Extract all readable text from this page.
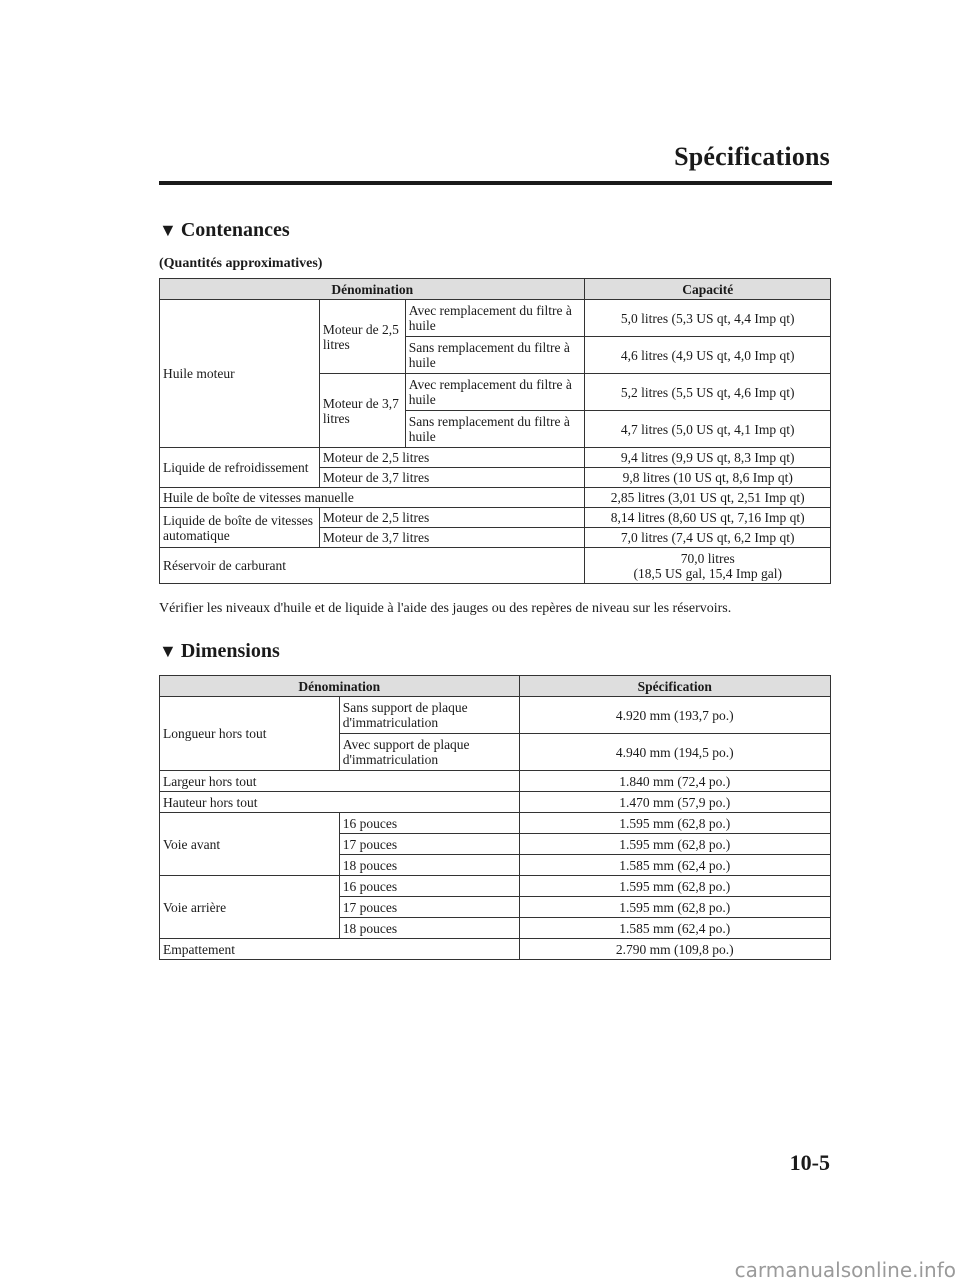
Spécifications
▼ Contenances
(Quantités approximatives)
Dénomination			Capacité
Huile moteur	Moteur de 2,5 litres	Avec remplacement du filtre à huile	5,0 litres (5,3 US qt, 4,4 Imp qt)
		Sans remplacement du filtre à huile	4,6 litres (4,9 US qt, 4,0 Imp qt)
	Moteur de 3,7 litres	Avec remplacement du filtre à huile	5,2 litres (5,5 US qt, 4,6 Imp qt)
		Sans remplacement du filtre à huile	4,7 litres (5,0 US qt, 4,1 Imp qt)
Liquide de refroidissement	Moteur de 2,5 litres		9,4 litres (9,9 US qt, 8,3 Imp qt)
	Moteur de 3,7 litres		9,8 litres (10 US qt, 8,6 Imp qt)
Huile de boîte de vitesses manuelle			2,85 litres (3,01 US qt, 2,51 Imp qt)
Liquide de boîte de vitesses automatique	Moteur de 2,5 litres		8,14 litres (8,60 US qt, 7,16 Imp qt)
	Moteur de 3,7 litres		7,0 litres (7,4 US qt, 6,2 Imp qt)
Réservoir de carburant			70,0 litres
(18,5 US gal, 15,4 Imp gal)
Vérifier les niveaux d'huile et de liquide à l'aide des jauges ou des repères de niveau sur les réservoirs.
▼ Dimensions
Dénomination		Spécification
Longueur hors tout	Sans support de plaque d'immatriculation	4.920 mm (193,7 po.)
	Avec support de plaque d'immatriculation	4.940 mm (194,5 po.)
Largeur hors tout		1.840 mm (72,4 po.)
Hauteur hors tout		1.470 mm (57,9 po.)
Voie avant	16 pouces	1.595 mm (62,8 po.)
	17 pouces	1.595 mm (62,8 po.)
	18 pouces	1.585 mm (62,4 po.)
Voie arrière	16 pouces	1.595 mm (62,8 po.)
	17 pouces	1.595 mm (62,8 po.)
	18 pouces	1.585 mm (62,4 po.)
Empattement		2.790 mm (109,8 po.)
10-5
carmanualsonline.info
